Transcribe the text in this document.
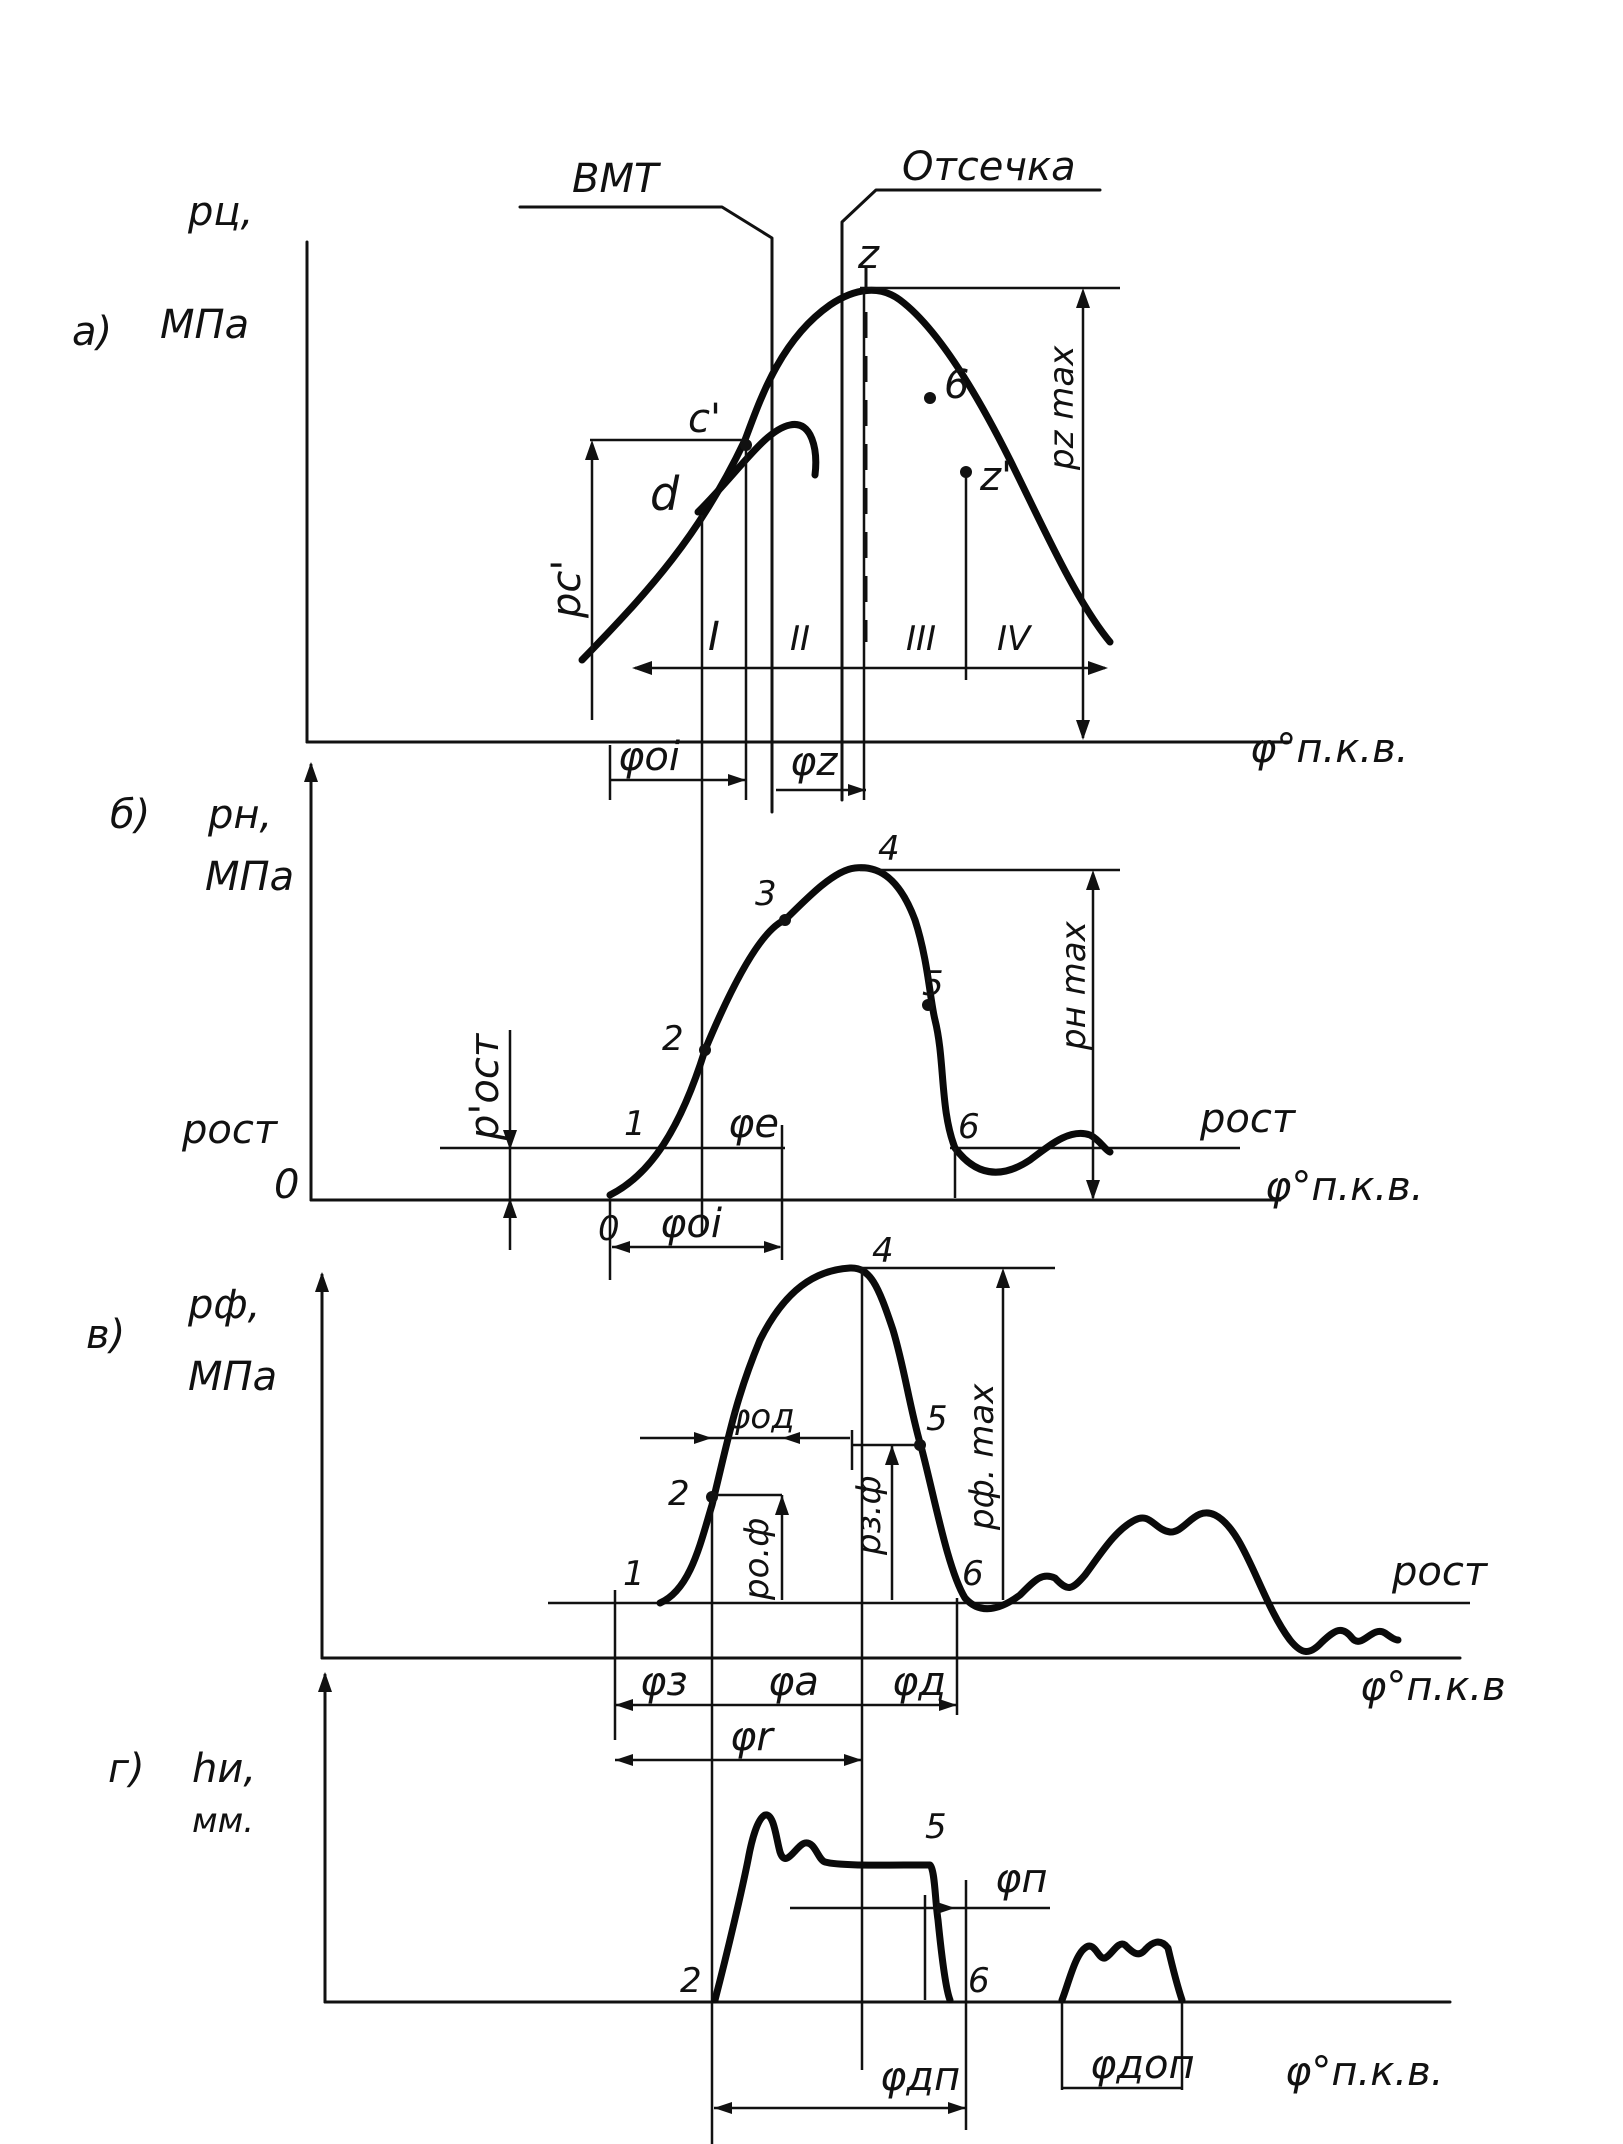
а)
pц,
МПа
ВМТ	Отсечка
pz max
pc'
I II	III IV
z
6
z'
c'
d
φоi	φz	φ°п.к.в.
б) pн,
МПа
pост	pост
0
p'ост
pн max
0
1
2
3
4
5
6
φe
φoi
φ°п.к.в.
в)
pф,
МПа
pост
pф. max
pо.ф
pз.ф
φод
1
2
4
5
6
φз φa φд
φr
φ°п.к.в
г) hи,
мм.
2
5
6
φп
φдп	φдоп φ°п.к.в.
